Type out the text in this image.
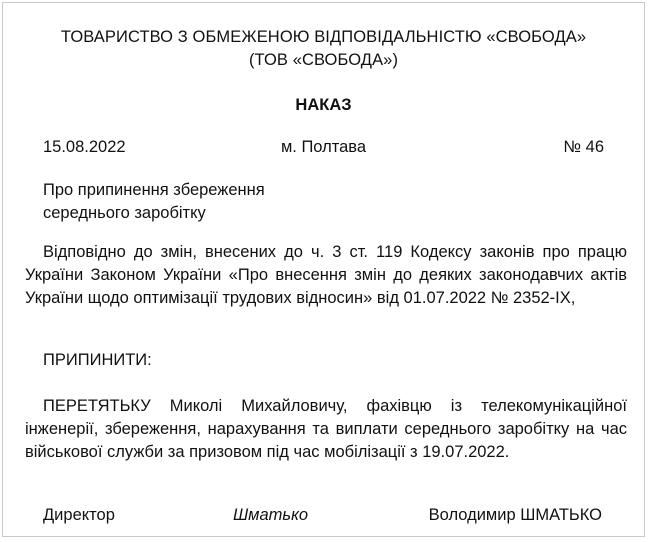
ТОВАРИСТВО З ОБМЕЖЕНОЮ ВІДПОВІДАЛЬНІСТЮ «СВОБОДА»
(ТОВ «СВОБОДА»)
НАКАЗ
15.08.2022	м. Полтава	№ 46
Про припинення збереження
середнього заробітку
Відповідно до змін, внесених до ч. 3 ст. 119 Кодексу законів про працю України Законом України «Про внесення змін до деяких законодавчих актів України щодо оптимізації трудових відносин» від 01.07.2022 № 2352-IX,
ПРИПИНИТИ:
ПЕРЕТЯТЬКУ Миколі Михайловичу, фахівцю із телекомунікаційної інженерії, збереження, нарахування та виплати середнього заробітку на час військової служби за призовом під час мобілізації з 19.07.2022.
Директор	Шматько	Володимир ШМАТЬКО
